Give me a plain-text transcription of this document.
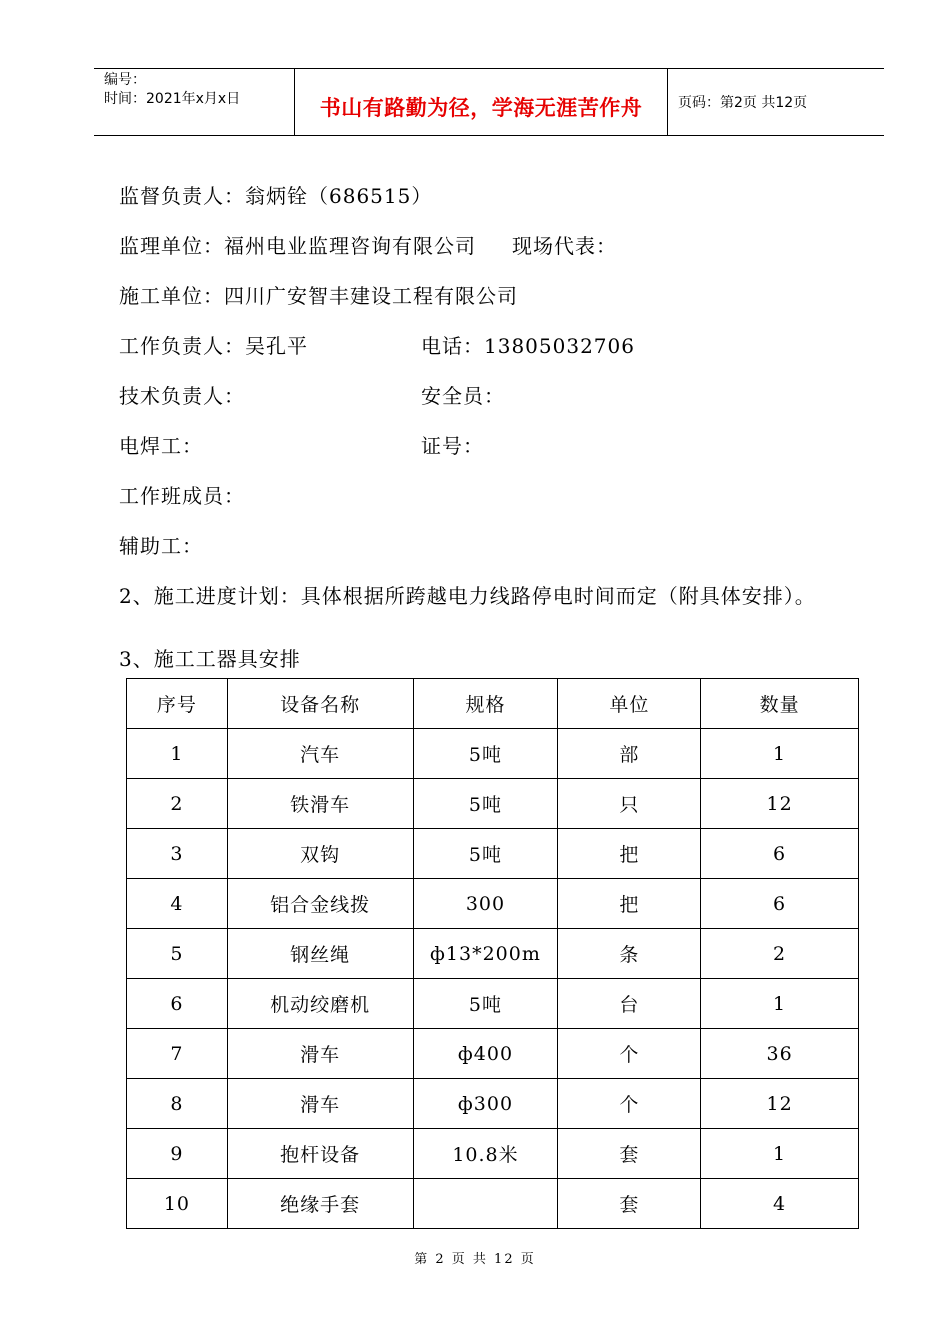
编号：
时间：2021年x月x日	书山有路勤为径，学海无涯苦作舟	页码：第2页 共12页
监督负责人：翁炳铨（686515）
监理单位：福州电业监理咨询有限公司 现场代表：
施工单位：四川广安智丰建设工程有限公司
工作负责人：吴孔平	电话：13805032706
技术负责人：	安全员：
电焊工：	证号：
工作班成员：
辅助工：
2、施工进度计划：具体根据所跨越电力线路停电时间而定（附具体安排）。
3、施工工器具安排
序号	设备名称	规格	单位	数量
1	汽车	5吨	部	1
2	铁滑车	5吨	只	12
3	双钩	5吨	把	6
4	铝合金线拨	300	把	6
5	钢丝绳	ф13*200m	条	2
6	机动绞磨机	5吨	台	1
7	滑车	ф400	个	36
8	滑车	ф300	个	12
9	抱杆设备	10.8米	套	1
10	绝缘手套		套	4
第 2 页 共 12 页
